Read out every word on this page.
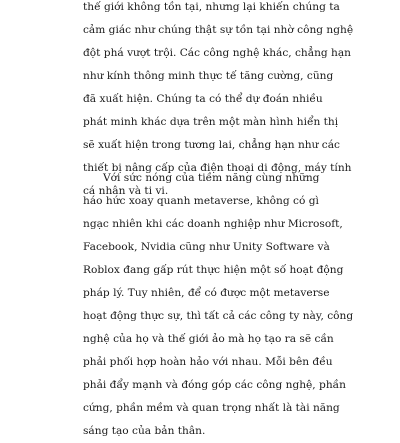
thế giới không tồn tại, nhưng lại khiến chúng ta
cảm giác như chúng thật sự tồn tại nhờ công nghệ
đột phá vượt trội. Các công nghệ khác, chẳng hạn
như kính thông minh thực tế tăng cường, cũng
đã xuất hiện. Chúng ta có thể dự đoán nhiều
phát minh khác dựa trên một màn hình hiển thị
sẽ xuất hiện trong tương lai, chẳng hạn như các
thiết bị nâng cấp của điện thoại di động, máy tính
cá nhân và ti vi.
Với sức nóng của tiềm năng cùng những
háo hức xoay quanh metaverse, không có gì
ngạc nhiên khi các doanh nghiệp như Microsoft,
Facebook, Nvidia cũng như Unity Software và
Roblox đang gấp rút thực hiện một số hoạt động
pháp lý. Tuy nhiên, để có được một metaverse
hoạt động thực sự, thì tất cả các công ty này, công
nghệ của họ và thế giới ảo mà họ tạo ra sẽ cần
phải phối hợp hoàn hảo với nhau. Mỗi bên đều
phải đẩy mạnh và đóng góp các công nghệ, phần
cứng, phần mềm và quan trọng nhất là tài năng
sáng tạo của bản thân.
